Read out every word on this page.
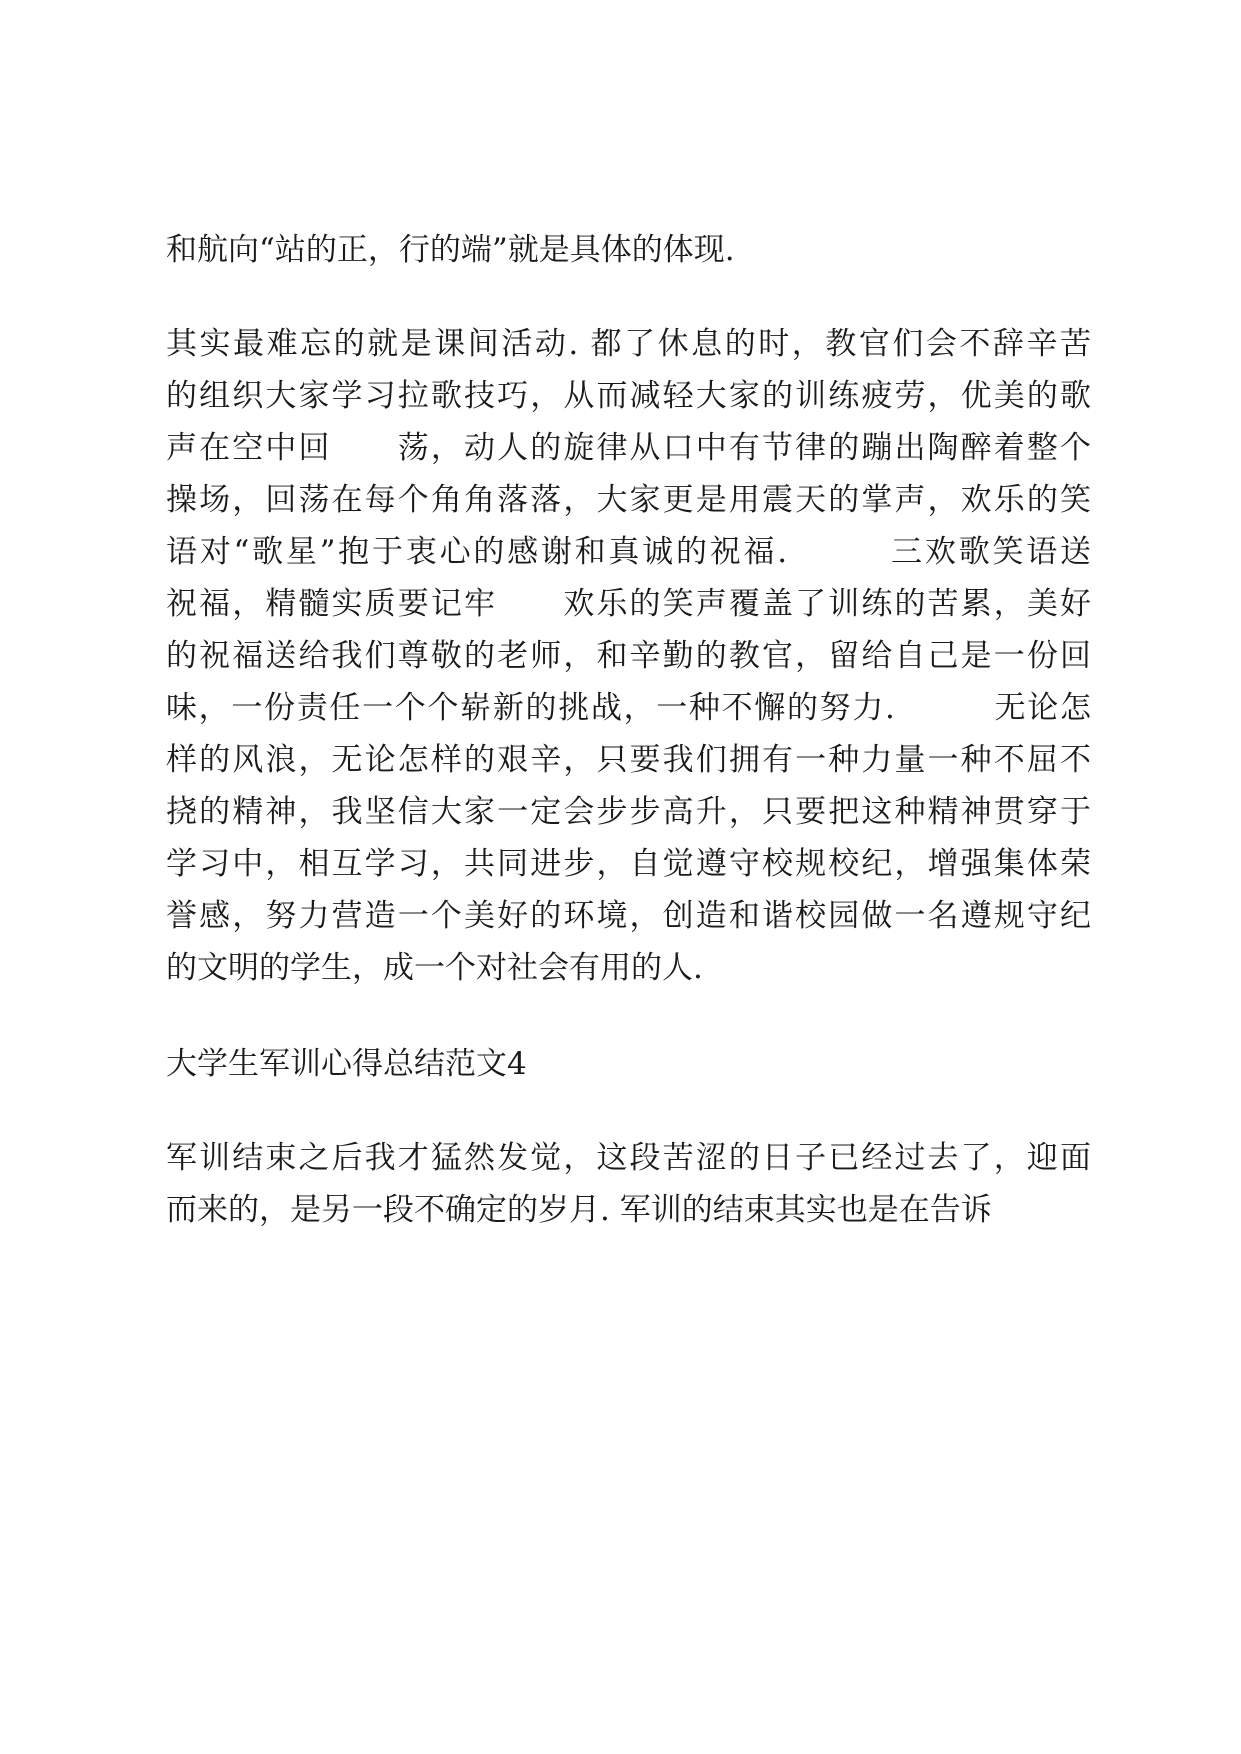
和航向“站的正，行的端”就是具体的体现.
其实最难忘的就是课间活动. 都了休息的时，教官们会不辞辛苦
的组织大家学习拉歌技巧，从而减轻大家的训练疲劳，优美的歌
声在空中回　　荡，动人的旋律从口中有节律的蹦出陶醉着整个
操场，回荡在每个角角落落，大家更是用震天的掌声，欢乐的笑
语对“歌星”抱于衷心的感谢和真诚的祝福.　　　三欢歌笑语送
祝福，精髓实质要记牢　　欢乐的笑声覆盖了训练的苦累，美好
的祝福送给我们尊敬的老师，和辛勤的教官，留给自己是一份回
味，一份责任一个个崭新的挑战，一种不懈的努力.　　　无论怎
样的风浪，无论怎样的艰辛，只要我们拥有一种力量一种不屈不
挠的精神，我坚信大家一定会步步高升，只要把这种精神贯穿于
学习中，相互学习，共同进步，自觉遵守校规校纪，增强集体荣
誉感，努力营造一个美好的环境，创造和谐校园做一名遵规守纪
的文明的学生，成一个对社会有用的人.
大学生军训心得总结范文4
军训结束之后我才猛然发觉，这段苦涩的日子已经过去了，迎面
而来的，是另一段不确定的岁月. 军训的结束其实也是在告诉
